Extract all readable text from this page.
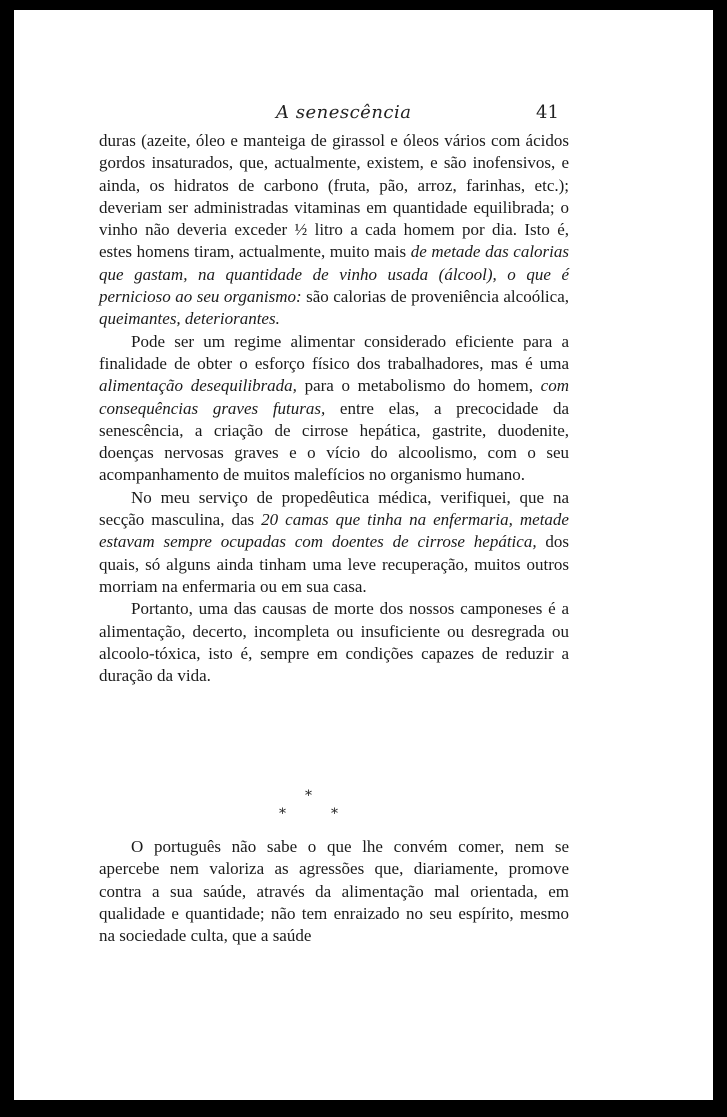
A senescência	41

duras (azeite, óleo e manteiga de girassol e óleos vários com ácidos gordos insaturados, que, actualmente, existem, e são inofensivos, e ainda, os hidratos de carbono (fruta, pão, arroz, farinhas, etc.); deveriam ser administradas vitaminas em quantidade equilibrada; o vinho não deveria exceder ½ litro a cada homem por dia. Isto é, estes homens tiram, actualmente, muito mais de metade das calorias que gastam, na quantidade de vinho usada (álcool), o que é pernicioso ao seu organismo: são calorias de proveniência alcoólica, queimantes, deteriorantes.

Pode ser um regime alimentar considerado eficiente para a finalidade de obter o esforço físico dos trabalhadores, mas é uma alimentação desequilibrada, para o metabolismo do homem, com consequências graves futuras, entre elas, a precocidade da senescência, a criação de cirrose hepática, gastrite, duodenite, doenças nervosas graves e o vício do alcoolismo, com o seu acompanhamento de muitos malefícios no organismo humano.

No meu serviço de propedêutica médica, verifiquei, que na secção masculina, das 20 camas que tinha na enfermaria, metade estavam sempre ocupadas com doentes de cirrose hepática, dos quais, só alguns ainda tinham uma leve recuperação, muitos outros morriam na enfermaria ou em sua casa.

Portanto, uma das causas de morte dos nossos camponeses é a alimentação, decerto, incompleta ou insuficiente ou desregrada ou alcoolo-tóxica, isto é, sempre em condições capazes de reduzir a duração da vida.

*
*	*

O português não sabe o que lhe convém comer, nem se apercebe nem valoriza as agressões que, diariamente, promove contra a sua saúde, através da alimentação mal orientada, em qualidade e quantidade; não tem enraizado no seu espírito, mesmo na sociedade culta, que a saúde
